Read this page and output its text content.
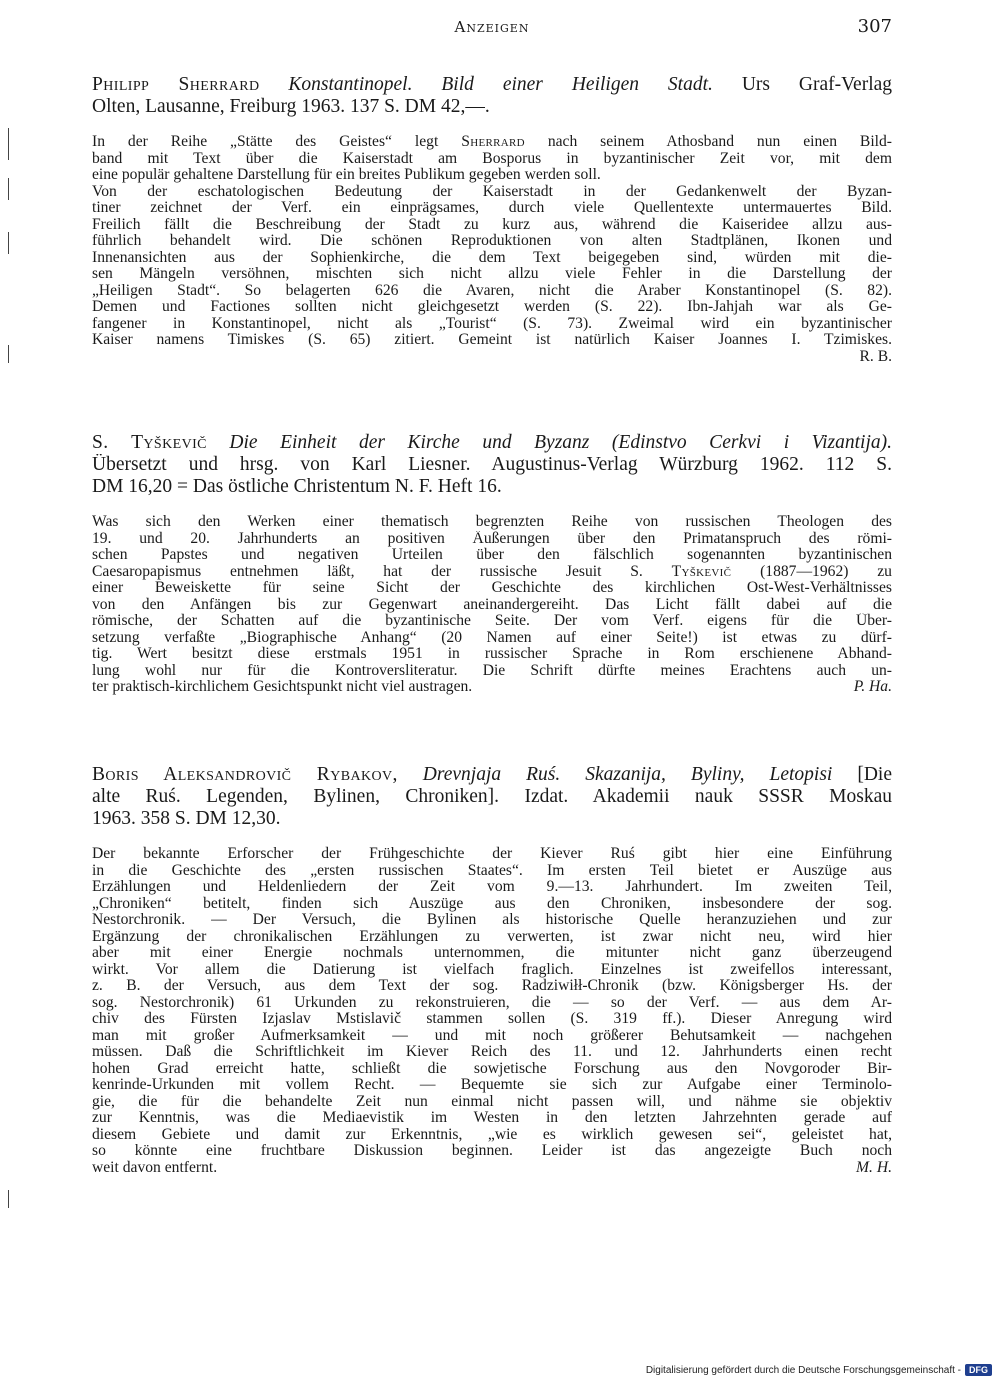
Anzeigen	307

Philipp Sherrard Konstantinopel. Bild einer Heiligen Stadt. Urs Graf-Verlag
Olten, Lausanne, Freiburg 1963. 137 S. DM 42,—.

In der Reihe „Stätte des Geistes“ legt Sherrard nach seinem Athosband nun einen Bild-
band mit Text über die Kaiserstadt am Bosporus in byzantinischer Zeit vor, mit dem
eine populär gehaltene Darstellung für ein breites Publikum gegeben werden soll.
Von der eschatologischen Bedeutung der Kaiserstadt in der Gedankenwelt der Byzan-
tiner zeichnet der Verf. ein einprägsames, durch viele Quellentexte untermauertes Bild.
Freilich fällt die Beschreibung der Stadt zu kurz aus, während die Kaiseridee allzu aus-
führlich behandelt wird. Die schönen Reproduktionen von alten Stadtplänen, Ikonen und
Innenansichten aus der Sophienkirche, die dem Text beigegeben sind, würden mit die-
sen Mängeln versöhnen, mischten sich nicht allzu viele Fehler in die Darstellung der
„Heiligen Stadt“. So belagerten 626 die Avaren, nicht die Araber Konstantinopel (S. 82).
Demen und Factiones sollten nicht gleichgesetzt werden (S. 22). Ibn-Jahjah war als Ge-
fangener in Konstantinopel, nicht als „Tourist“ (S. 73). Zweimal wird ein byzantinischer
Kaiser namens Timiskes (S. 65) zitiert. Gemeint ist natürlich Kaiser Joannes I. Tzimiskes.
R. B.

S. Tyškevič Die Einheit der Kirche und Byzanz (Edinstvo Cerkvi i Vizantija).
Übersetzt und hrsg. von Karl Liesner. Augustinus-Verlag Würzburg 1962. 112 S.
DM 16,20 = Das östliche Christentum N. F. Heft 16.

Was sich den Werken einer thematisch begrenzten Reihe von russischen Theologen des
19. und 20. Jahrhunderts an positiven Äußerungen über den Primatanspruch des römi-
schen Papstes und negativen Urteilen über den fälschlich sogenannten byzantinischen
Caesaropapismus entnehmen läßt, hat der russische Jesuit S. Tyškevič (1887—1962) zu
einer Beweiskette für seine Sicht der Geschichte des kirchlichen Ost-West-Verhältnisses
von den Anfängen bis zur Gegenwart aneinandergereiht. Das Licht fällt dabei auf die
römische, der Schatten auf die byzantinische Seite. Der vom Verf. eigens für die Über-
setzung verfaßte „Biographische Anhang“ (20 Namen auf einer Seite!) ist etwas zu dürf-
tig. Wert besitzt diese erstmals 1951 in russischer Sprache in Rom erschienene Abhand-
lung wohl nur für die Kontroversliteratur. Die Schrift dürfte meines Erachtens auch un-
ter praktisch-kirchlichem Gesichtspunkt nicht viel austragen.	P. Ha.

Boris Aleksandrovič Rybakov, Drevnjaja Ruś. Skazanija, Byliny, Letopisi [Die
alte Ruś. Legenden, Bylinen, Chroniken]. Izdat. Akademii nauk SSSR Moskau
1963. 358 S. DM 12,30.

Der bekannte Erforscher der Frühgeschichte der Kiever Ruś gibt hier eine Einführung
in die Geschichte des „ersten russischen Staates“. Im ersten Teil bietet er Auszüge aus
Erzählungen und Heldenliedern der Zeit vom 9.—13. Jahrhundert. Im zweiten Teil,
„Chroniken“ betitelt, finden sich Auszüge aus den Chroniken, insbesondere der sog.
Nestorchronik. — Der Versuch, die Bylinen als historische Quelle heranzuziehen und zur
Ergänzung der chronikalischen Erzählungen zu verwerten, ist zwar nicht neu, wird hier
aber mit einer Energie nochmals unternommen, die mitunter nicht ganz überzeugend
wirkt. Vor allem die Datierung ist vielfach fraglich. Einzelnes ist zweifellos interessant,
z. B. der Versuch, aus dem Text der sog. Radziwiłł-Chronik (bzw. Königsberger Hs. der
sog. Nestorchronik) 61 Urkunden zu rekonstruieren, die — so der Verf. — aus dem Ar-
chiv des Fürsten Izjaslav Mstislavič stammen sollen (S. 319 ff.). Dieser Anregung wird
man mit großer Aufmerksamkeit — und mit noch größerer Behutsamkeit — nachgehen
müssen. Daß die Schriftlichkeit im Kiever Reich des 11. und 12. Jahrhunderts einen recht
hohen Grad erreicht hatte, schließt die sowjetische Forschung aus den Novgoroder Bir-
kenrinde-Urkunden mit vollem Recht. — Bequemte sie sich zur Aufgabe einer Terminolo-
gie, die für die behandelte Zeit nun einmal nicht passen will, und nähme sie objektiv
zur Kenntnis, was die Mediaevistik im Westen in den letzten Jahrzehnten gerade auf
diesem Gebiete und damit zur Erkenntnis, „wie es wirklich gewesen sei“, geleistet hat,
so könnte eine fruchtbare Diskussion beginnen. Leider ist das angezeigte Buch noch
weit davon entfernt.	M. H.
Digitalisierung gefördert durch die Deutsche Forschungsgemeinschaft - DFG
